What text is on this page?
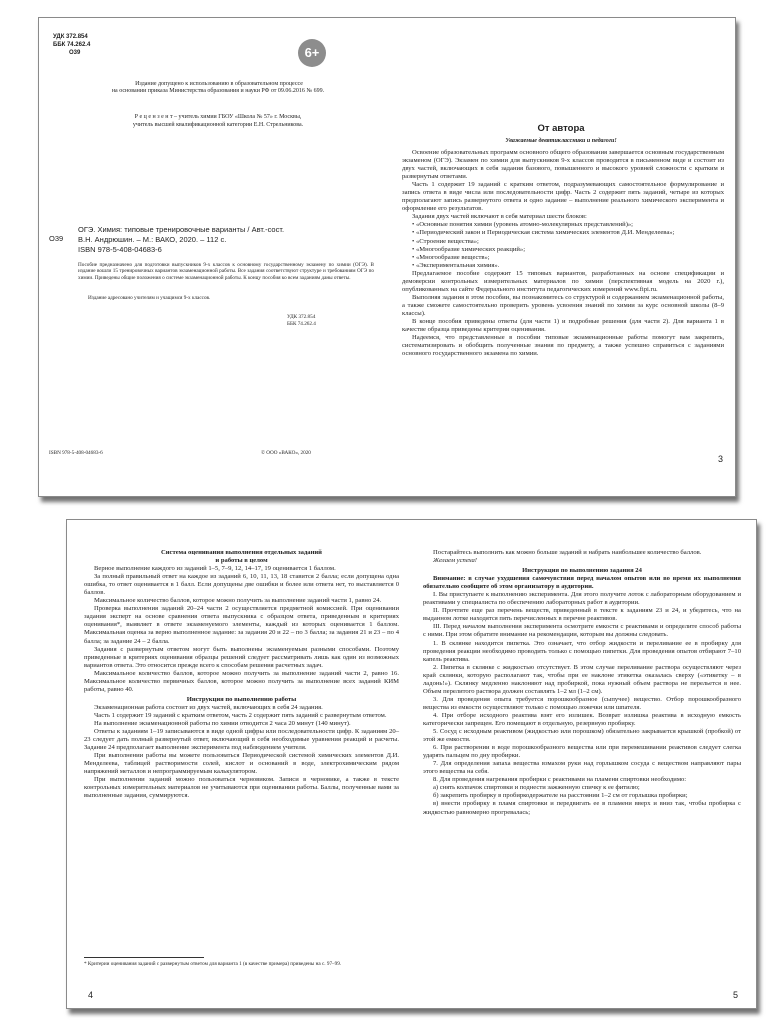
УДК 372.854
ББК 74.262.4
О39	6+
Издание допущено к использованию в образовательном процессе
на основании приказа Министерства образования и науки РФ от 09.06.2016 № 699.
Р е ц е н з е н т – учитель химии ГБОУ «Школа № 57» г. Москвы,
учитель высшей квалификационной категории Е.Н. Стрельникова.
О39
ОГЭ. Химия: типовые тренировочные варианты / Авт.-сост.
В.Н. Андрюшин. – М.: ВАКО, 2020. – 112 с.
ISBN 978-5-408-04683-6
Пособие предназначено для подготовки выпускников 9-х классов к основному государственному экзамену по химии (ОГЭ). В издание вошли 15 тренировочных вариантов экзаменационной работы. Все задания соответствуют структуре и требованиям ОГЭ по химии. Приведены общие положения о системе экзаменационной работы. К концу пособия ко всем заданиям даны ответы.
Издание адресовано учителям и учащимся 9-х классов.
УДК 372.854
ББК 74.262.4
ISBN 978-5-408-04683-6	© ООО «ВАКО», 2020
От автора
Уважаемые девятиклассники и педагоги!

Освоение образовательных программ основного общего образования завершается основным государственным экзаменом (ОГЭ). Экзамен по химии для выпускников 9-х классов проводится в письменном виде и состоит из двух частей, включающих в себя задания базового, повышенного и высокого уровней сложности с кратким и развернутым ответами.

Часть 1 содержит 19 заданий с кратким ответом, подразумевающих самостоятельное формулирование и запись ответа в виде числа или последовательности цифр. Часть 2 содержит пять заданий, четыре из которых предполагают запись развернутого ответа и одно задание – выполнение реального химического эксперимента и оформление его результатов.

Задания двух частей включают в себя материал шести блоков:

• «Основные понятия химии (уровень атомно-молекулярных представлений)»;

• «Периодический закон и Периодическая система химических элементов Д.И. Менделеева»;

• «Строение вещества»;

• «Многообразие химических реакций»;

• «Многообразие веществ»;

• «Экспериментальная химия».

Предлагаемое пособие содержит 15 типовых вариантов, разработанных на основе спецификации и демоверсии контрольных измерительных материалов по химии (перспективная модель на 2020 г.), опубликованных на сайте Федерального института педагогических измерений www.fipi.ru.

Выполняя задания в этом пособии, вы познакомитесь со структурой и содержанием экзаменационной работы, а также сможете самостоятельно проверить уровень усвоения знаний по химии за курс основной школы (8–9 классы).

В конце пособия приведены ответы (для части 1) и подробные решения (для части 2). Для варианта 1 в качестве образца приведены критерии оценивания.

Надеемся, что представленные в пособии типовые экзаменационные работы помогут вам закрепить, систематизировать и обобщить полученные знания по предмету, а также успешно справиться с заданиями основного государственного экзамена по химии.

3

Система оценивания выполнения отдельных заданий

и работы в целом

Верное выполнение каждого из заданий 1–5, 7–9, 12, 14–17, 19 оценивается 1 баллом.

За полный правильный ответ на каждое из заданий 6, 10, 11, 13, 18 ставится 2 балла; если допущена одна ошибка, то ответ оценивается в 1 балл. Если допущены две ошибки и более или ответа нет, то выставляется 0 баллов.

Максимальное количество баллов, которое можно получить за выполнение заданий части 1, равно 24.

Проверка выполнения заданий 20–24 части 2 осуществляется предметной комиссией. При оценивании задания эксперт на основе сравнения ответа выпускника с образцом ответа, приведенным в критериях оценивания*, выявляет в ответе экзаменуемого элементы, каждый из которых оценивается 1 баллом. Максимальная оценка за верно выполненное задание: за задания 20 и 22 – по 3 балла; за задания 21 и 23 – по 4 балла; за задание 24 – 2 балла.

Задания с развернутым ответом могут быть выполнены экзаменуемым разными способами. Поэтому приведенные в критериях оценивания образцы решений следует рассматривать лишь как один из возможных вариантов ответа. Это относится прежде всего к способам решения расчетных задач.

Максимальное количество баллов, которое можно получить за выполнение заданий части 2, равно 16. Максимальное количество первичных баллов, которое можно получить за выполнение всех заданий КИМ работы, равно 40.

Инструкция по выполнению работы

Экзаменационная работа состоит из двух частей, включающих в себя 24 задания.

Часть 1 содержит 19 заданий с кратким ответом, часть 2 содержит пять заданий с развернутым ответом.

На выполнение экзаменационной работы по химии отводится 2 часа 20 минут (140 минут).

Ответы к заданиям 1–19 записываются в виде одной цифры или последовательности цифр. К заданиям 20–23 следует дать полный развернутый ответ, включающий в себя необходимые уравнения реакций и расчеты. Задание 24 предполагает выполнение эксперимента под наблюдением учителя.

При выполнении работы вы можете пользоваться Периодической системой химических элементов Д.И. Менделеева, таблицей растворимости солей, кислот и оснований в воде, электрохимическим рядом напряжений металлов и непрограммируемым калькулятором.

При выполнении заданий можно пользоваться черновиком. Записи в черновике, а также в тексте контрольных измерительных материалов не учитываются при оценивании работы. Баллы, полученные вами за выполненные задания, суммируются.

* Критерии оценивания заданий с развернутым ответом для варианта 1 (в качестве примера) приведены на с. 97–99.
4

Постарайтесь выполнить как можно больше заданий и набрать наибольшее количество баллов.

Желаем успеха!

Инструкция по выполнению задания 24

Внимание: в случае ухудшения самочувствия перед началом опытов или во время их выполнения обязательно сообщите об этом организатору в аудитории.

I. Вы приступаете к выполнению эксперимента. Для этого получите лоток с лабораторным оборудованием и реактивами у специалиста по обеспечению лабораторных работ в аудитории.

II. Прочтите еще раз перечень веществ, приведенный в тексте к заданиям 23 и 24, и убедитесь, что на выданном лотке находятся пять перечисленных в перечне реактивов.

III. Перед началом выполнения эксперимента осмотрите емкости с реактивами и определите способ работы с ними. При этом обратите внимание на рекомендации, которым вы должны следовать.

1. В склянке находится пипетка. Это означает, что отбор жидкости и переливание ее в пробирку для проведения реакции необходимо проводить только с помощью пипетки. Для проведения опытов отбирают 7–10 капель реактива.

2. Пипетка в склянке с жидкостью отсутствует. В этом случае переливание раствора осуществляют через край склянки, которую располагают так, чтобы при ее наклоне этикетка оказалась сверху («этикетку – в ладонь!»). Склянку медленно наклоняют над пробиркой, пока нужный объем раствора не перельется в нее. Объем перелитого раствора должен составлять 1–2 мл (1–2 см).

3. Для проведения опыта требуется порошкообразное (сыпучее) вещество. Отбор порошкообразного вещества из емкости осуществляют только с помощью ложечки или шпателя.

4. При отборе исходного реактива взят его излишек. Возврат излишка реактива в исходную емкость категорически запрещен. Его помещают в отдельную, резервную пробирку.

5. Сосуд с исходным реактивом (жидкостью или порошком) обязательно закрывается крышкой (пробкой) от этой же емкости.

6. При растворении в воде порошкообразного вещества или при перемешивании реактивов следует слегка ударять пальцем по дну пробирки.

7. Для определения запаха вещества взмахом руки над горлышком сосуда с веществом направляют пары этого вещества на себя.

8. Для проведения нагревания пробирки с реактивами на пламени спиртовки необходимо:

а) снять колпачок спиртовки и поднести зажженную спичку к ее фитилю;

б) закрепить пробирку в пробиркодержателе на расстоянии 1–2 см от горлышка пробирки;

в) внести пробирку в пламя спиртовки и передвигать ее в пламени вверх и вниз так, чтобы пробирка с жидкостью равномерно прогревалась;

5
